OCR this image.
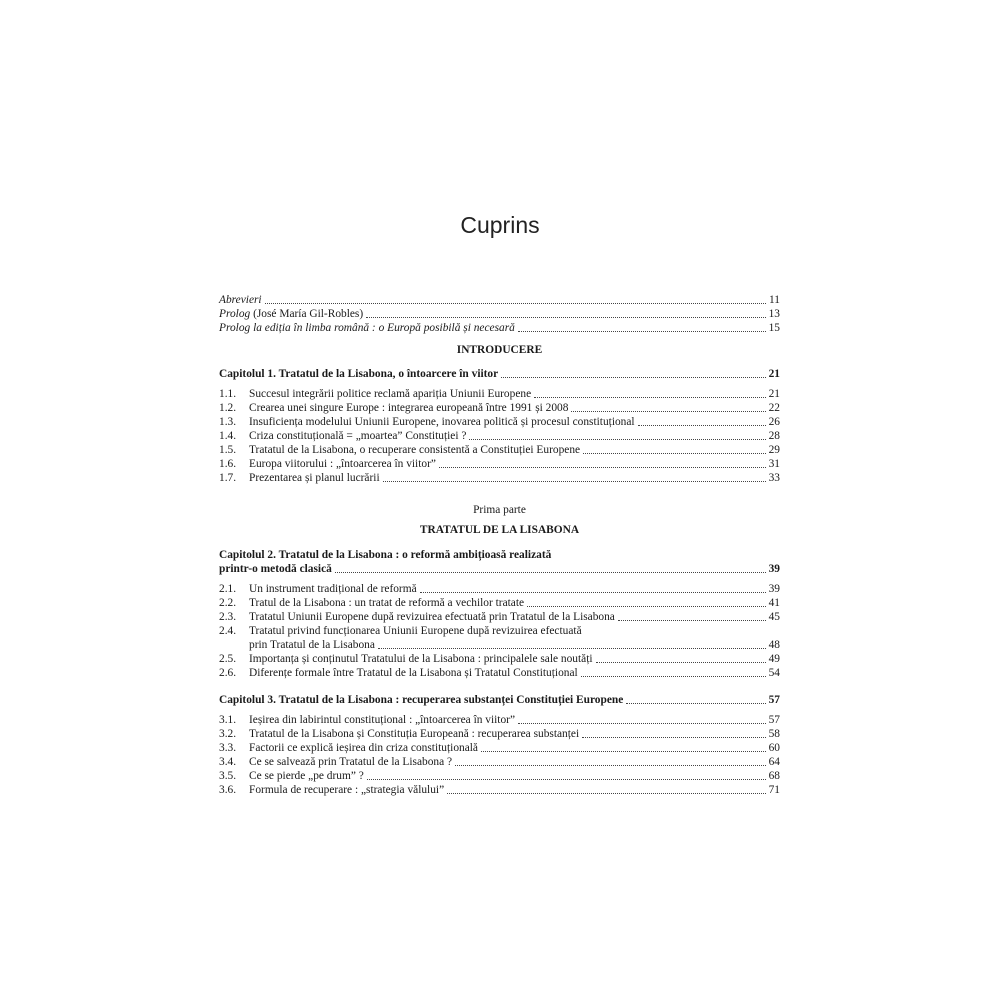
Cuprins
Abrevieri	11
Prolog (José María Gil-Robles)	13
Prolog la ediția în limba română : o Europă posibilă și necesară	15
INTRODUCERE
Capitolul 1. Tratatul de la Lisabona, o întoarcere în viitor	21
1.1.	Succesul integrării politice reclamă apariția Uniunii Europene	21
1.2.	Crearea unei singure Europe : integrarea europeană între 1991 și 2008	22
1.3.	Insuficiența modelului Uniunii Europene, inovarea politică și procesul constituțional	26
1.4.	Criza constituțională = „moartea” Constituției ?	28
1.5.	Tratatul de la Lisabona, o recuperare consistentă a Constituției Europene	29
1.6.	Europa viitorului : „întoarcerea în viitor”	31
1.7.	Prezentarea și planul lucrării	33
Prima parte
TRATATUL DE LA LISABONA
Capitolul 2. Tratatul de la Lisabona : o reformă ambițioasă realizată
printr-o metodă clasică	39
2.1.	Un instrument tradițional de reformă	39
2.2.	Tratul de la Lisabona : un tratat de reformă a vechilor tratate	41
2.3.	Tratatul Uniunii Europene după revizuirea efectuată prin Tratatul de la Lisabona	45
2.4. Tratatul privind funcționarea Uniunii Europene după revizuirea efectuată
prin Tratatul de la Lisabona	48
2.5.	Importanța și conținutul Tratatului de la Lisabona : principalele sale noutăți	49
2.6.	Diferențe formale între Tratatul de la Lisabona și Tratatul Constituțional	54
Capitolul 3. Tratatul de la Lisabona : recuperarea substanței Constituției Europene	57
3.1.	Ieșirea din labirintul constituțional : „întoarcerea în viitor”	57
3.2.	Tratatul de la Lisabona și Constituția Europeană : recuperarea substanței	58
3.3.	Factorii ce explică ieșirea din criza constituțională	60
3.4.	Ce se salvează prin Tratatul de la Lisabona ?	64
3.5.	Ce se pierde „pe drum” ?	68
3.6.	Formula de recuperare : „strategia vălului”	71
